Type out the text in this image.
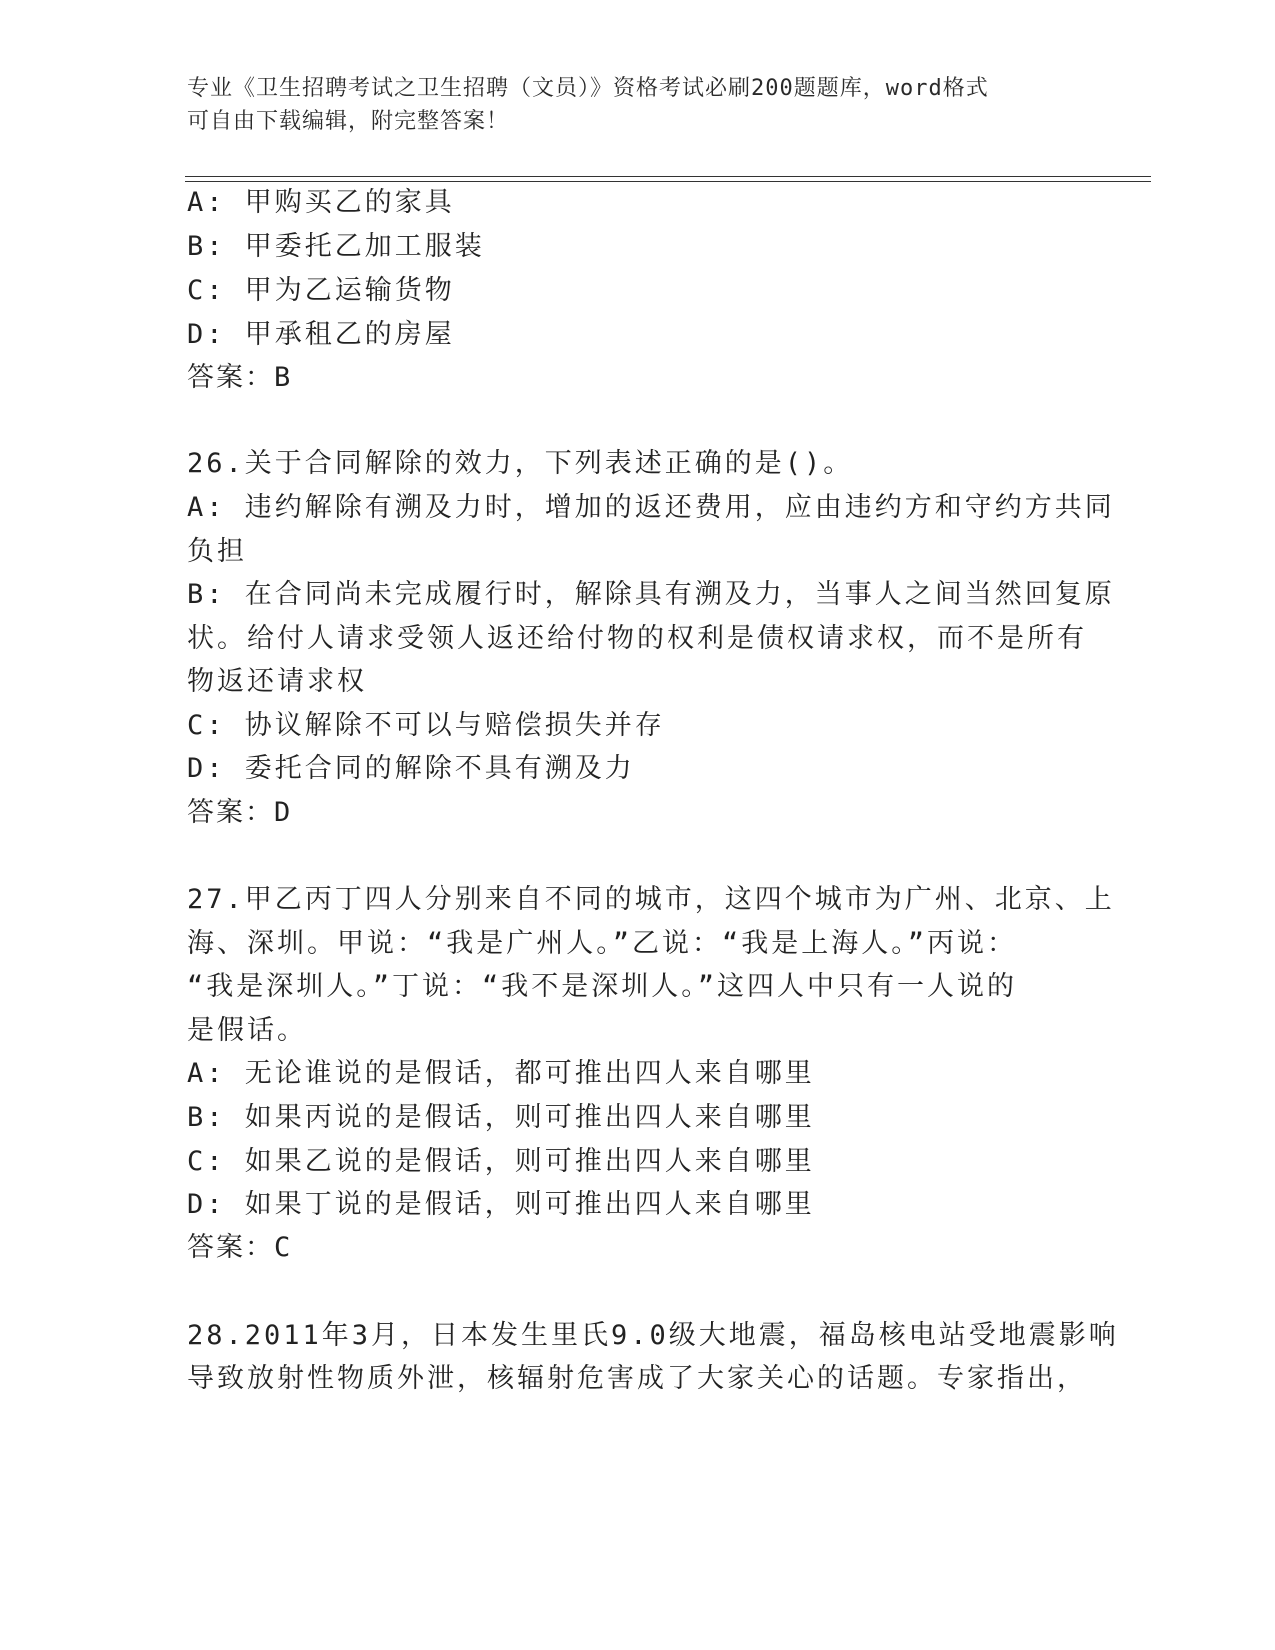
专业《卫生招聘考试之卫生招聘（文员）》资格考试必刷200题题库，word格式
可自由下载编辑，附完整答案！
A: 甲购买乙的家具
B: 甲委托乙加工服装
C: 甲为乙运输货物
D: 甲承租乙的房屋
答案：B
26.关于合同解除的效力，下列表述正确的是()。
A: 违约解除有溯及力时，增加的返还费用，应由违约方和守约方共同
负担
B: 在合同尚未完成履行时，解除具有溯及力，当事人之间当然回复原
状。给付人请求受领人返还给付物的权利是债权请求权，而不是所有
物返还请求权
C: 协议解除不可以与赔偿损失并存
D: 委托合同的解除不具有溯及力
答案：D
27.甲乙丙丁四人分别来自不同的城市，这四个城市为广州、北京、上
海、深圳。甲说：“我是广州人。”乙说：“我是上海人。”丙说：
“我是深圳人。”丁说：“我不是深圳人。”这四人中只有一人说的
是假话。
A: 无论谁说的是假话，都可推出四人来自哪里
B: 如果丙说的是假话，则可推出四人来自哪里
C: 如果乙说的是假话，则可推出四人来自哪里
D: 如果丁说的是假话，则可推出四人来自哪里
答案：C
28.2011年3月，日本发生里氏9.0级大地震，福岛核电站受地震影响
导致放射性物质外泄，核辐射危害成了大家关心的话题。专家指出，
